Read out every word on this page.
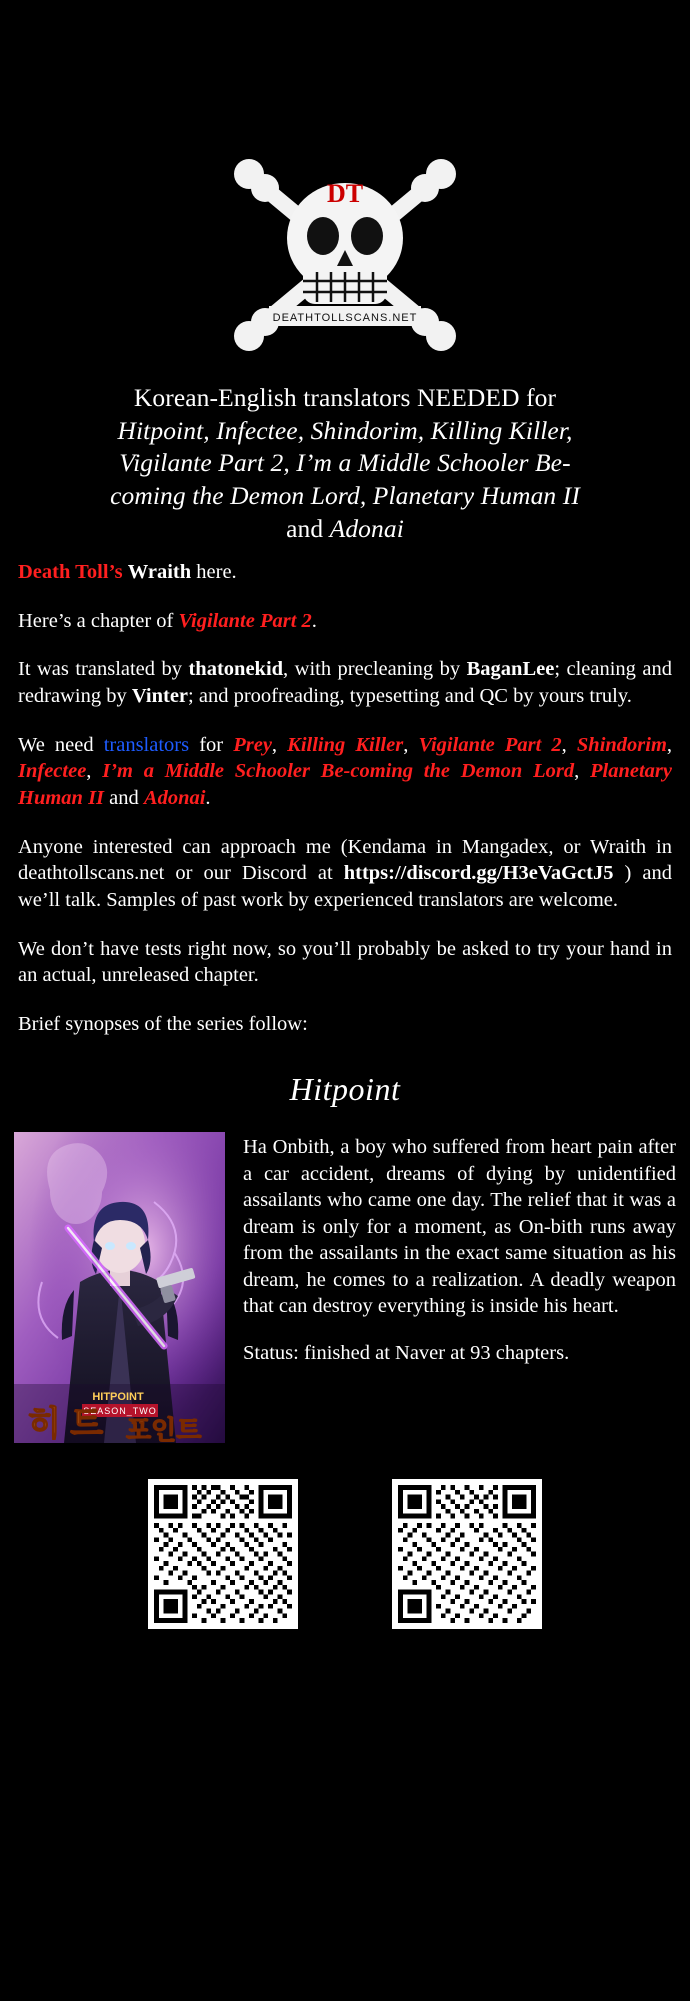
DT
DEATHTOLLSCANS.NET
Korean-English translators NEEDED for
Hitpoint, Infectee, Shindorim, Killing Killer,
Vigilante Part 2, I’m a Middle Schooler Be-
coming the Demon Lord, Planetary Human II
and Adonai

Death Toll’s Wraith here.

Here’s a chapter of Vigilante Part 2.

It was translated by thatonekid, with precleaning by BaganLee; cleaning and redrawing by Vinter; and proofreading, typesetting and QC by yours truly.

We need translators for Prey, Killing Killer, Vigilante Part 2, Shindorim, Infectee, I’m a Middle Schooler Be-coming the Demon Lord, Planetary Human II and Adonai.

Anyone interested can approach me (Kendama in Mangadex, or Wraith in deathtollscans.net or our Discord at https://discord.gg/H3eVaGctJ5 ) and we’ll talk. Samples of past work by experienced translators are welcome.

We don’t have tests right now, so you’ll probably be asked to try your hand in an actual, unreleased chapter.

Brief synopses of the series follow:

Hitpoint
HITPOINT
SEASON_TWO
히 트 포인트

Ha Onbith, a boy who suffered from heart pain after a car accident, dreams of dying by unidentified assailants who came one day. The relief that it was a dream is only for a moment, as On-bith runs away from the assailants in the exact same situation as his dream, he comes to a realization. A deadly weapon that can destroy everything is inside his heart.

Status: finished at Naver at 93 chapters.
